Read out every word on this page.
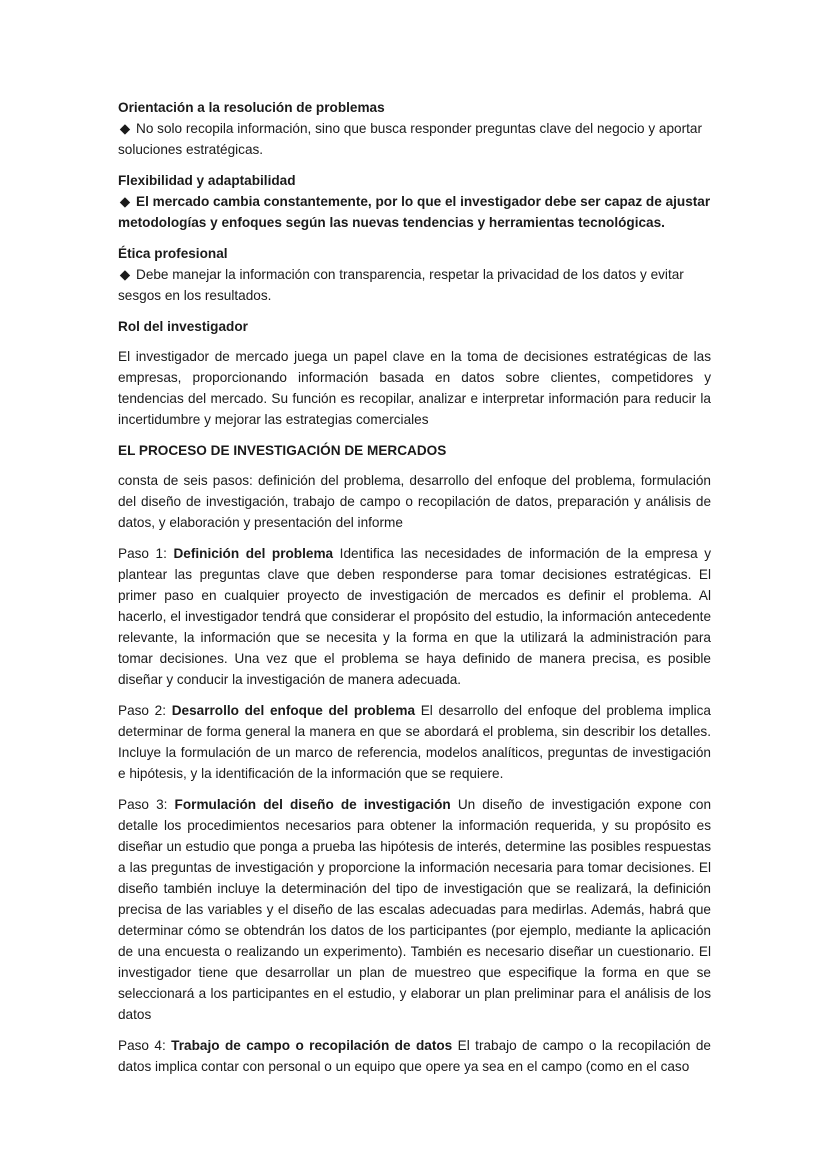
Orientación a la resolución de problemas

◆ No solo recopila información, sino que busca responder preguntas clave del negocio y aportar soluciones estratégicas.

Flexibilidad y adaptabilidad

◆ El mercado cambia constantemente, por lo que el investigador debe ser capaz de ajustar metodologías y enfoques según las nuevas tendencias y herramientas tecnológicas.

Ética profesional

◆ Debe manejar la información con transparencia, respetar la privacidad de los datos y evitar sesgos en los resultados.

Rol del investigador

El investigador de mercado juega un papel clave en la toma de decisiones estratégicas de las empresas, proporcionando información basada en datos sobre clientes, competidores y tendencias del mercado. Su función es recopilar, analizar e interpretar información para reducir la incertidumbre y mejorar las estrategias comerciales

EL PROCESO DE INVESTIGACIÓN DE MERCADOS

consta de seis pasos: definición del problema, desarrollo del enfoque del problema, formulación del diseño de investigación, trabajo de campo o recopilación de datos, preparación y análisis de datos, y elaboración y presentación del informe

Paso 1: Definición del problema Identifica las necesidades de información de la empresa y plantear las preguntas clave que deben responderse para tomar decisiones estratégicas. El primer paso en cualquier proyecto de investigación de mercados es definir el problema. Al hacerlo, el investigador tendrá que considerar el propósito del estudio, la información antecedente relevante, la información que se necesita y la forma en que la utilizará la administración para tomar decisiones. Una vez que el problema se haya definido de manera precisa, es posible diseñar y conducir la investigación de manera adecuada.

Paso 2: Desarrollo del enfoque del problema El desarrollo del enfoque del problema implica determinar de forma general la manera en que se abordará el problema, sin describir los detalles. Incluye la formulación de un marco de referencia, modelos analíticos, preguntas de investigación e hipótesis, y la identificación de la información que se requiere.

Paso 3: Formulación del diseño de investigación Un diseño de investigación expone con detalle los procedimientos necesarios para obtener la información requerida, y su propósito es diseñar un estudio que ponga a prueba las hipótesis de interés, determine las posibles respuestas a las preguntas de investigación y proporcione la información necesaria para tomar decisiones. El diseño también incluye la determinación del tipo de investigación que se realizará, la definición precisa de las variables y el diseño de las escalas adecuadas para medirlas. Además, habrá que determinar cómo se obtendrán los datos de los participantes (por ejemplo, mediante la aplicación de una encuesta o realizando un experimento). También es necesario diseñar un cuestionario. El investigador tiene que desarrollar un plan de muestreo que especifique la forma en que se seleccionará a los participantes en el estudio, y elaborar un plan preliminar para el análisis de los datos

Paso 4: Trabajo de campo o recopilación de datos El trabajo de campo o la recopilación de datos implica contar con personal o un equipo que opere ya sea en el campo (como en el caso
